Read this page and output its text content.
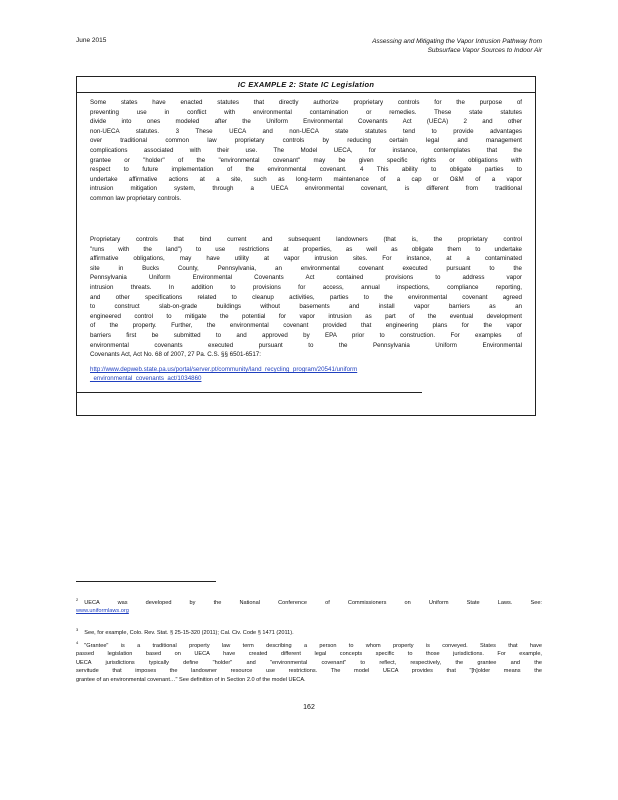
June 2015	Assessing and Mitigating the Vapor Intrusion Pathway from
Subsurface Vapor Sources to Indoor Air
IC EXAMPLE 2: State IC Legislation

Some states have enacted statutes that directly authorize proprietary controls for the purpose of

preventing use in conflict with environmental contamination or remedies. These state statutes

divide into ones modeled after the Uniform Environmental Covenants Act (UECA) 2 and other

non-UECA statutes. 3 These UECA and non-UECA state statutes tend to provide advantages

over traditional common law proprietary controls by reducing certain legal and management

complications associated with their use. The Model UECA, for instance, contemplates that the

grantee or "holder" of the "environmental covenant" may be given specific rights or obligations with

respect to future implementation of the environmental covenant. 4 This ability to obligate parties to

undertake affirmative actions at a site, such as long-term maintenance of a cap or O&M of a vapor

intrusion mitigation system, through a UECA environmental covenant, is different from traditional

common law proprietary controls.

Proprietary controls that bind current and subsequent landowners (that is, the proprietary control

"runs with the land") to use restrictions at properties, as well as obligate them to undertake

affirmative obligations, may have utility at vapor intrusion sites. For instance, at a contaminated

site in Bucks County, Pennsylvania, an environmental covenant executed pursuant to the

Pennsylvania Uniform Environmental Covenants Act contained provisions to address vapor

intrusion threats. In addition to provisions for access, annual inspections, compliance reporting,

and other specifications related to cleanup activities, parties to the environmental covenant agreed

to construct slab-on-grade buildings without basements and install vapor barriers as an

engineered control to mitigate the potential for vapor intrusion as part of the eventual development

of the property. Further, the environmental covenant provided that engineering plans for the vapor

barriers first be submitted to and approved by EPA prior to construction. For examples of

environmental covenants executed pursuant to the Pennsylvania Uniform Environmental

Covenants Act, Act No. 68 of 2007, 27 Pa. C.S. §§ 6501-6517:

http://www.depweb.state.pa.us/portal/server.pt/community/land_recycling_program/20541/uniform
_environmental_covenants_act/1034860
$^2$UECA was developed by the National Conference of Commissioners on Uniform State Laws. See:
www.uniformlaws.org
$^3$See, for example, Colo. Rev. Stat. § 25-15-320 (2011); Cal. Civ. Code § 1471 (2011).
$^4$"Grantee" is a traditional property law term describing a person to whom property is conveyed. States that have
passed legislation based on UECA have created different legal concepts specific to those jurisdictions. For example,
UECA jurisdictions typically define "holder" and "environmental covenant" to reflect, respectively, the grantee and the
servitude that imposes the landowner resource use restrictions. The model UECA provides that "[h]older means the
grantee of an environmental covenant…" See definition of in Section 2.0 of the model UECA.
162
